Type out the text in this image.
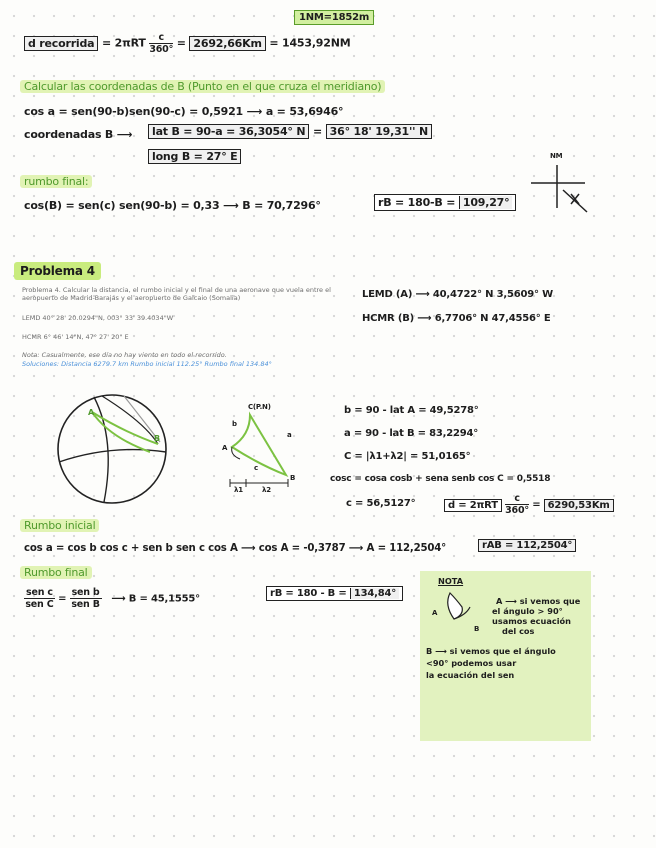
1NM=1852m
d recorrida = $2\pi RT \frac{c}{360^\circ} = 2692,66Km = 1453,92NM$
Calcular las coordenadas de B (Punto en el que cruza el meridiano)
cos a = sen(90-b)sen(90-c) = 0,5921 ⟶ a = 53,6946°
coordenadas B ⟶	lat B = 90-a = 36,3054° N = 36° 18' 19,31'' N
long B = 27° E
rumbo final:
cos(B) = sen(c) sen(90-b) = 0,33 ⟶ B = 70,7296°	rB = 180-B = 109,27°
NM
Problema 4
Problema 4. Calcular la distancia, el rumbo inicial y el final de una aeronave que vuela entre el
aeropuerto de Madrid-Barajas y el aeropuerto de Galcaio (Somalia)
LEMD 40° 28' 20.0294"N, 003° 33' 39.4034"W
HCMR 6° 46' 14"N, 47° 27' 20" E
Nota: Casualmente, ese día no hay viento en todo el recorrido.
Soluciones: Distancia 6279.7 km Rumbo inicial 112.25° Rumbo final 134.84°
LEMD (A) ⟶ 40,4722° N 3,5609° W
HCMR (B) ⟶ 6,7706° N 47,4556° E
A
B
C(P.N)
A
B
b
a
c
λ1	λ2
b = 90 - lat A = 49,5278°
a = 90 - lat B = 83,2294°
C = |λ1+λ2| = 51,0165°
cosc = cosa cosb + sena senb cos C = 0,5518
c = 56,5127°	$d = 2\pi RT \frac{c}{360^\circ} = 6290,53Km$
Rumbo inicial
cos a = cos b cos c + sen b sen c cos A ⟶ cos A = -0,3787 ⟶ A = 112,2504°	rAB = 112,2504°
Rumbo final
$\frac{\text{sen c}}{\text{sen C}} = \frac{\text{sen b}}{\text{sen B}}$ ⟶ B = 45,1555°	rB = 180 - B = 134,84°
NOTA
A
B
A ⟶ si vemos que
el ángulo > 90°
usamos ecuación
del cos
B ⟶ si vemos que el ángulo
<90° podemos usar
la ecuación del sen
